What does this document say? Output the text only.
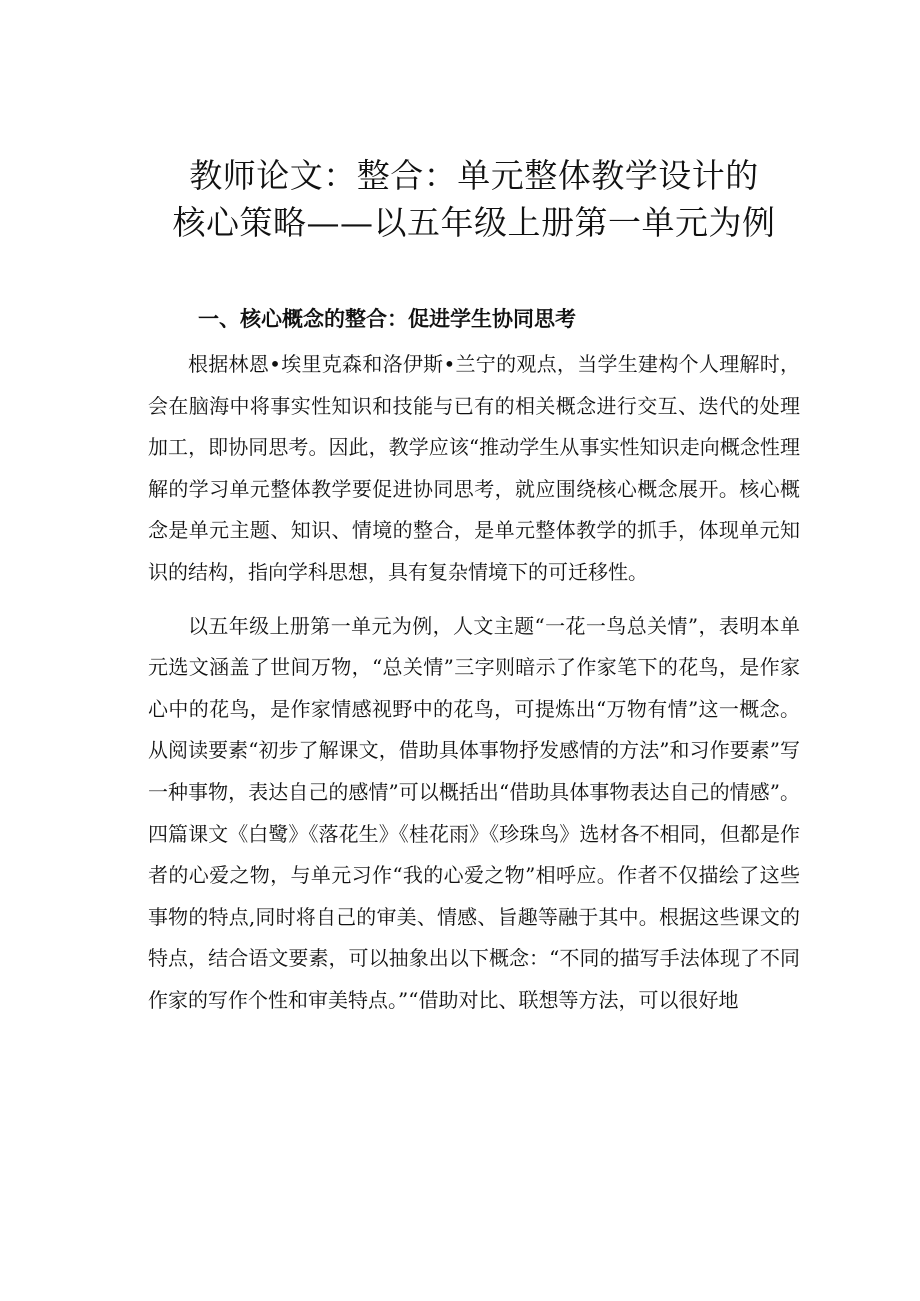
教师论文：整合：单元整体教学设计的
核心策略——以五年级上册第一单元为例
一、核心概念的整合：促进学生协同思考

根据林恩•埃里克森和洛伊斯•兰宁的观点，当学生建构个人理解时，会在脑海中将事实性知识和技能与已有的相关概念进行交互、迭代的处理加工，即协同思考。因此，教学应该“推动学生从事实性知识走向概念性理解的学习单元整体教学要促进协同思考，就应围绕核心概念展开。核心概念是单元主题、知识、情境的整合，是单元整体教学的抓手，体现单元知识的结构，指向学科思想，具有复杂情境下的可迁移性。

以五年级上册第一单元为例，人文主题“一花一鸟总关情”，表明本单元选文涵盖了世间万物，“总关情”三字则暗示了作家笔下的花鸟，是作家心中的花鸟，是作家情感视野中的花鸟，可提炼出“万物有情”这一概念。从阅读要素“初步了解课文，借助具体事物抒发感情的方法”和习作要素”写一种事物，表达自己的感情”可以概括出“借助具体事物表达自己的情感”。四篇课文《白鹭》《落花生》《桂花雨》《珍珠鸟》选材各不相同，但都是作者的心爱之物，与单元习作“我的心爱之物”相呼应。作者不仅描绘了这些事物的特点,同时将自己的审美、情感、旨趣等融于其中。根据这些课文的特点，结合语文要素，可以抽象出以下概念：“不同的描写手法体现了不同作家的写作个性和审美特点。”“借助对比、联想等方法，可以很好地
